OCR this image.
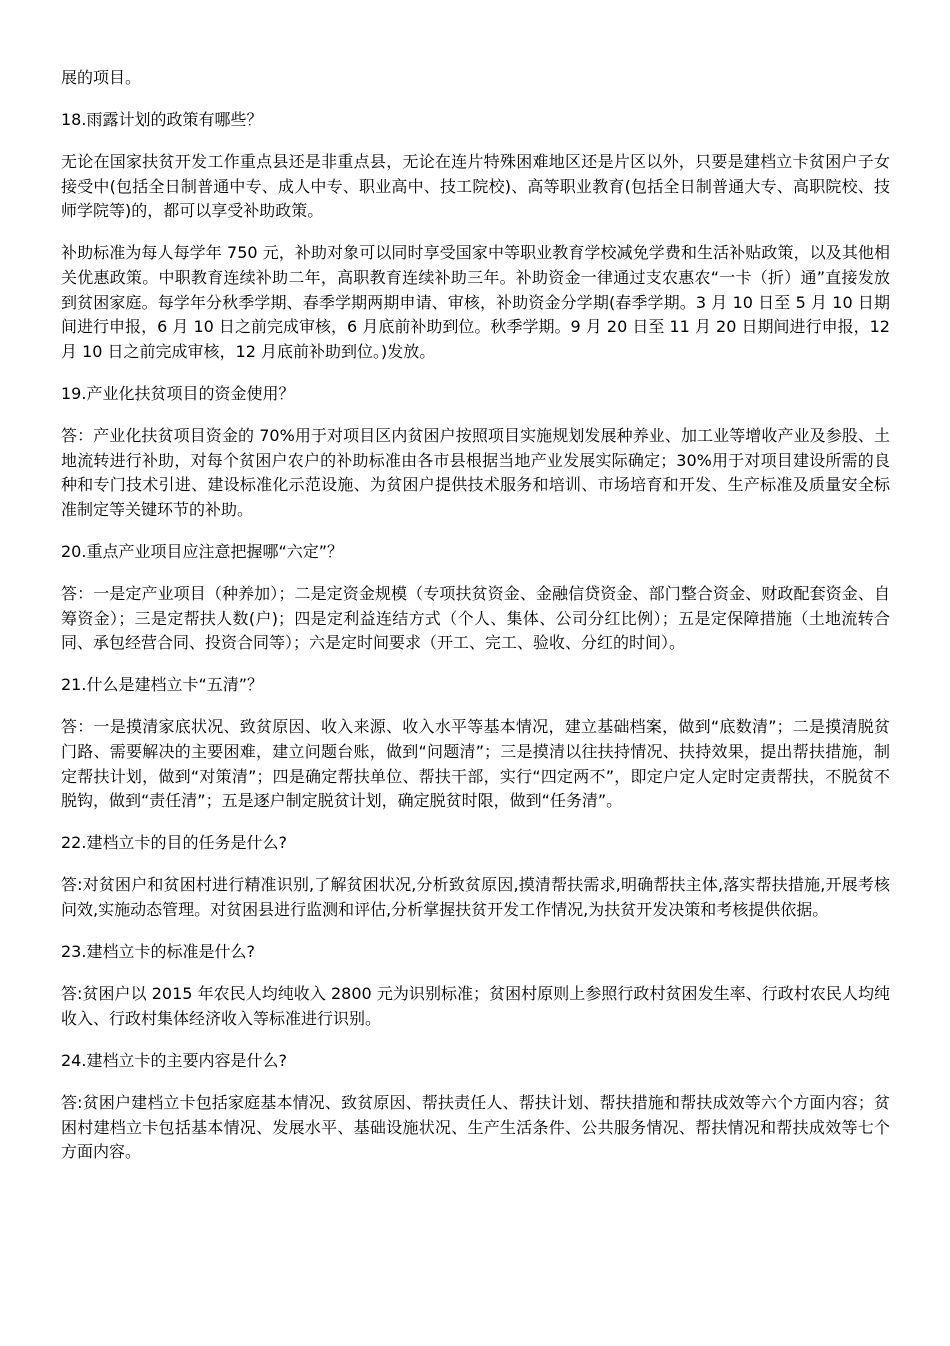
展的项目。

18.雨露计划的政策有哪些？

无论在国家扶贫开发工作重点县还是非重点县，无论在连片特殊困难地区还是片区以外，只要是建档立卡贫困户子女接受中(包括全日制普通中专、成人中专、职业高中、技工院校)、高等职业教育(包括全日制普通大专、高职院校、技师学院等)的，都可以享受补助政策。

补助标准为每人每学年 750 元，补助对象可以同时享受国家中等职业教育学校减免学费和生活补贴政策，以及其他相关优惠政策。中职教育连续补助二年，高职教育连续补助三年。补助资金一律通过支农惠农“一卡（折）通”直接发放到贫困家庭。每学年分秋季学期、春季学期两期申请、审核，补助资金分学期(春季学期。3 月 10 日至 5 月 10 日期间进行申报，6 月 10 日之前完成审核，6 月底前补助到位。秋季学期。9 月 20 日至 11 月 20 日期间进行申报，12 月 10 日之前完成审核，12 月底前补助到位。)发放。

19.产业化扶贫项目的资金使用？

答：产业化扶贫项目资金的 70%用于对项目区内贫困户按照项目实施规划发展种养业、加工业等增收产业及参股、土地流转进行补助，对每个贫困户农户的补助标准由各市县根据当地产业发展实际确定；30%用于对项目建设所需的良种和专门技术引进、建设标准化示范设施、为贫困户提供技术服务和培训、市场培育和开发、生产标准及质量安全标准制定等关键环节的补助。

20.重点产业项目应注意把握哪“六定”？

答：一是定产业项目（种养加）；二是定资金规模（专项扶贫资金、金融信贷资金、部门整合资金、财政配套资金、自筹资金）；三是定帮扶人数(户)；四是定利益连结方式（个人、集体、公司分红比例）；五是定保障措施（土地流转合同、承包经营合同、投资合同等）；六是定时间要求（开工、完工、验收、分红的时间）。

21.什么是建档立卡“五清”？

答：一是摸清家底状况、致贫原因、收入来源、收入水平等基本情况，建立基础档案，做到“底数清”；二是摸清脱贫门路、需要解决的主要困难，建立问题台账，做到“问题清”；三是摸清以往扶持情况、扶持效果，提出帮扶措施，制定帮扶计划，做到“对策清”；四是确定帮扶单位、帮扶干部，实行“四定两不”，即定户定人定时定责帮扶，不脱贫不脱钩，做到“责任清”；五是逐户制定脱贫计划，确定脱贫时限，做到“任务清”。

22.建档立卡的目的任务是什么?

答:对贫困户和贫困村进行精准识别,了解贫困状况,分析致贫原因,摸清帮扶需求,明确帮扶主体,落实帮扶措施,开展考核问效,实施动态管理。对贫困县进行监测和评估,分析掌握扶贫开发工作情况,为扶贫开发决策和考核提供依据。

23.建档立卡的标准是什么?

答:贫困户以 2015 年农民人均纯收入 2800 元为识别标准；贫困村原则上参照行政村贫困发生率、行政村农民人均纯收入、行政村集体经济收入等标准进行识别。

24.建档立卡的主要内容是什么?

答:贫困户建档立卡包括家庭基本情况、致贫原因、帮扶责任人、帮扶计划、帮扶措施和帮扶成效等六个方面内容；贫困村建档立卡包括基本情况、发展水平、基础设施状况、生产生活条件、公共服务情况、帮扶情况和帮扶成效等七个方面内容。
